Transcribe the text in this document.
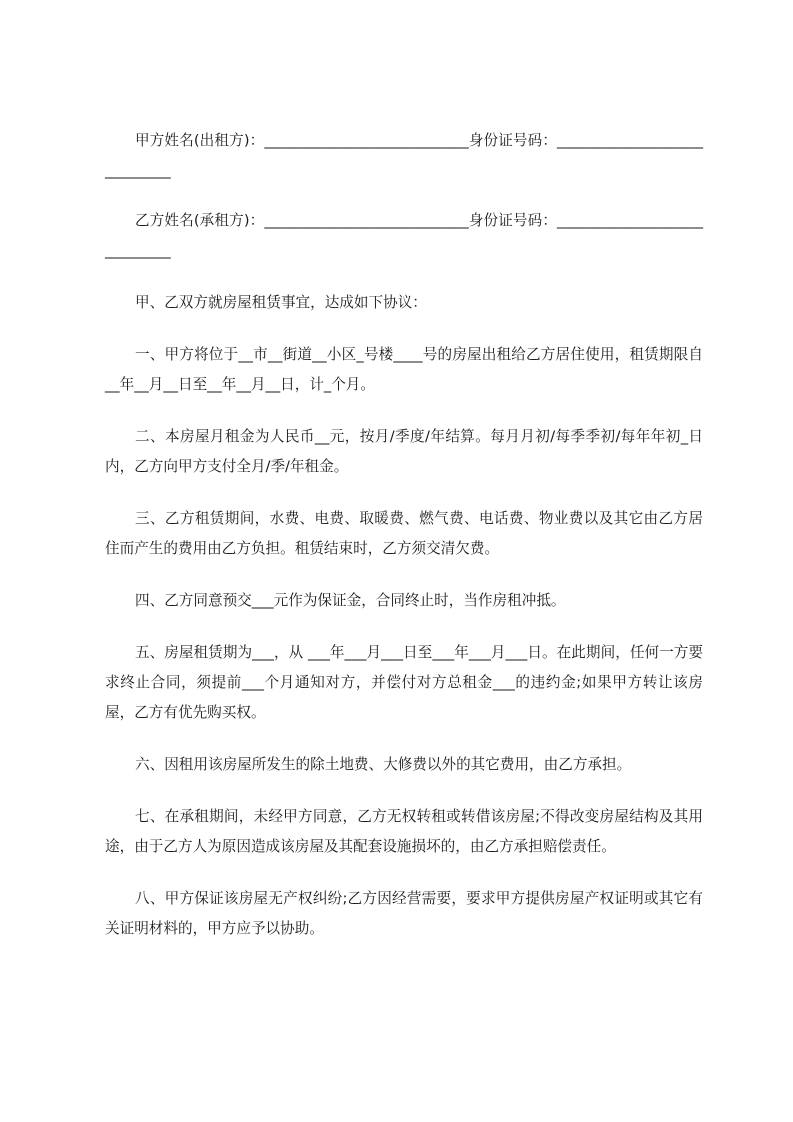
甲方姓名(出租方)：____________________________身份证号码：_____________________________

乙方姓名(承租方)：____________________________身份证号码：_____________________________

甲、乙双方就房屋租赁事宜，达成如下协议：

一、甲方将位于__市__街道__小区_号楼____号的房屋出租给乙方居住使用，租赁期限自__年__月__日至__年__月__日，计_个月。

二、本房屋月租金为人民币__元，按月/季度/年结算。每月月初/每季季初/每年年初_日内，乙方向甲方支付全月/季/年租金。

三、乙方租赁期间，水费、电费、取暖费、燃气费、电话费、物业费以及其它由乙方居住而产生的费用由乙方负担。租赁结束时，乙方须交清欠费。

四、乙方同意预交___元作为保证金，合同终止时，当作房租冲抵。

五、房屋租赁期为___，从 ___年___月___日至___年___月___日。在此期间，任何一方要求终止合同，须提前___个月通知对方，并偿付对方总租金___的违约金;如果甲方转让该房屋，乙方有优先购买权。

六、因租用该房屋所发生的除土地费、大修费以外的其它费用，由乙方承担。

七、在承租期间，未经甲方同意，乙方无权转租或转借该房屋;不得改变房屋结构及其用途，由于乙方人为原因造成该房屋及其配套设施损坏的，由乙方承担赔偿责任。

八、甲方保证该房屋无产权纠纷;乙方因经营需要，要求甲方提供房屋产权证明或其它有关证明材料的，甲方应予以协助。
